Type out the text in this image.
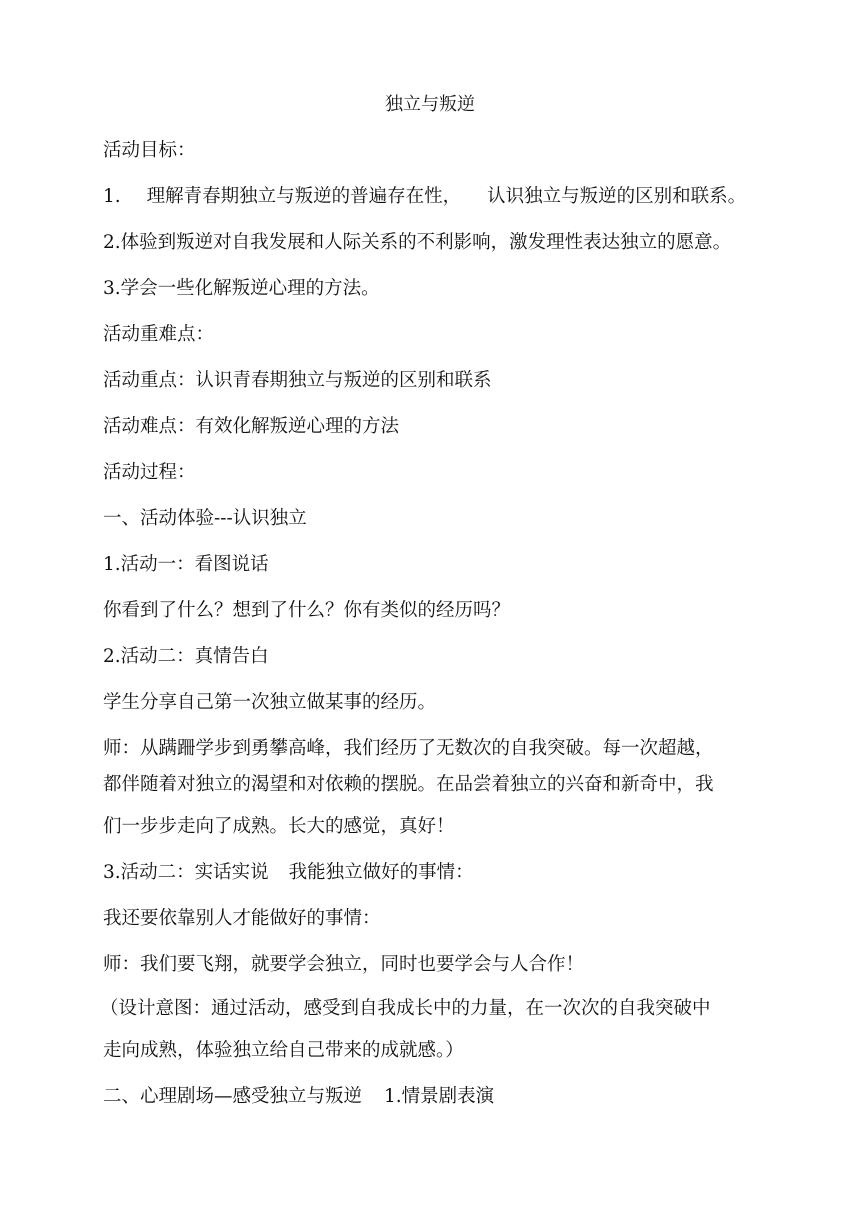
独立与叛逆
活动目标：
1. 理解青春期独立与叛逆的普遍存在性， 认识独立与叛逆的区别和联系。
2.体验到叛逆对自我发展和人际关系的不利影响，激发理性表达独立的愿意。
3.学会一些化解叛逆心理的方法。
活动重难点：
活动重点：认识青春期独立与叛逆的区别和联系
活动难点：有效化解叛逆心理的方法
活动过程：
一、活动体验---认识独立
1.活动一：看图说话
你看到了什么？想到了什么？你有类似的经历吗？
2.活动二：真情告白
学生分享自己第一次独立做某事的经历。
师：从蹒跚学步到勇攀高峰，我们经历了无数次的自我突破。每一次超越，
都伴随着对独立的渴望和对依赖的摆脱。在品尝着独立的兴奋和新奇中，我
们一步步走向了成熟。长大的感觉，真好！
3.活动二：实话实说 我能独立做好的事情：
我还要依靠别人才能做好的事情：
师：我们要飞翔，就要学会独立，同时也要学会与人合作！
（设计意图：通过活动，感受到自我成长中的力量，在一次次的自我突破中
走向成熟，体验独立给自己带来的成就感。）
二、心理剧场—感受独立与叛逆 1.情景剧表演
